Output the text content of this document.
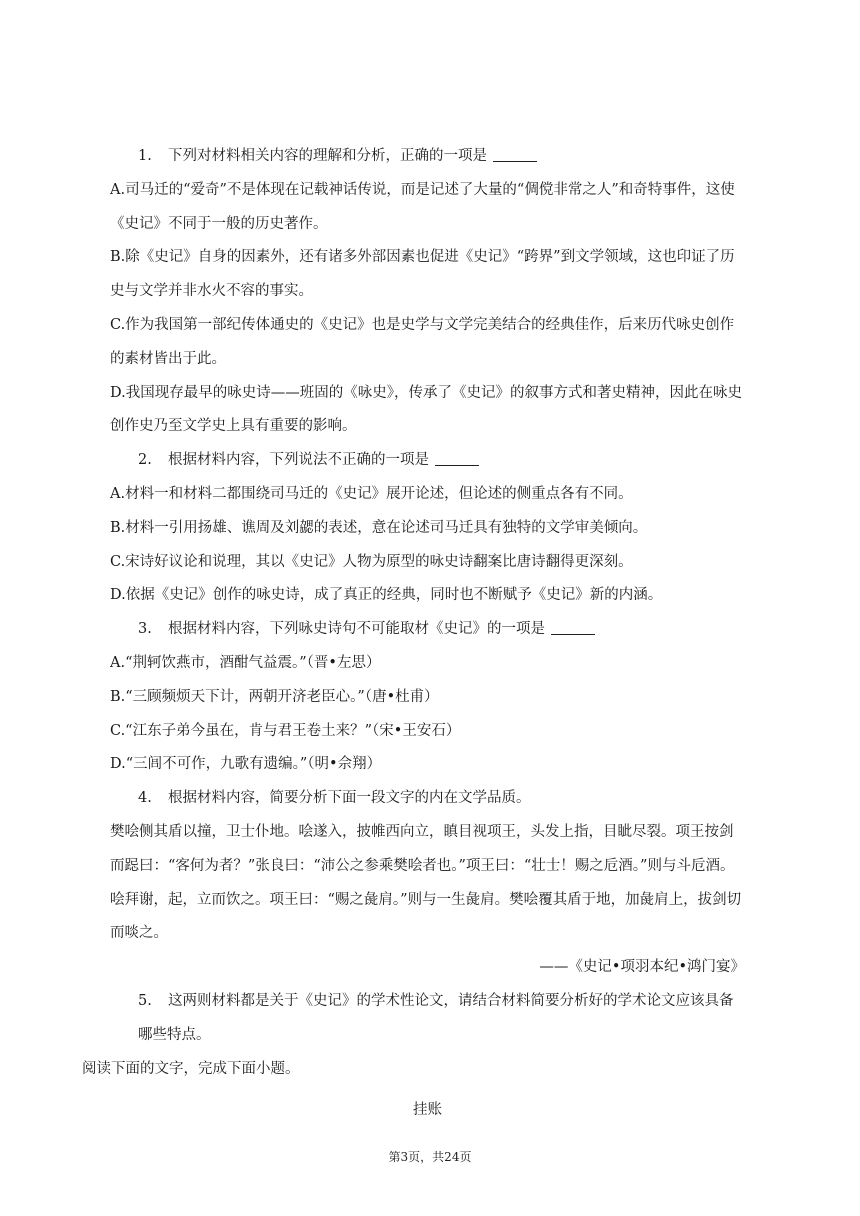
1. 下列对材料相关内容的理解和分析，正确的一项是

A.司马迁的“爱奇”不是体现在记载神话传说，而是记述了大量的“倜傥非常之人”和奇特事件，这使《史记》不同于一般的历史著作。

B.除《史记》自身的因素外，还有诸多外部因素也促进《史记》“跨界”到文学领域，这也印证了历史与文学并非水火不容的事实。

C.作为我国第一部纪传体通史的《史记》也是史学与文学完美结合的经典佳作，后来历代咏史创作的素材皆出于此。

D.我国现存最早的咏史诗——班固的《咏史》，传承了《史记》的叙事方式和著史精神，因此在咏史创作史乃至文学史上具有重要的影响。

2. 根据材料内容，下列说法不正确的一项是

A.材料一和材料二都围绕司马迁的《史记》展开论述，但论述的侧重点各有不同。

B.材料一引用扬雄、谯周及刘勰的表述，意在论述司马迁具有独特的文学审美倾向。

C.宋诗好议论和说理，其以《史记》人物为原型的咏史诗翻案比唐诗翻得更深刻。

D.依据《史记》创作的咏史诗，成了真正的经典，同时也不断赋予《史记》新的内涵。

3. 根据材料内容，下列咏史诗句不可能取材《史记》的一项是

A.“荆轲饮燕市，酒酣气益震。”（晋•左思）

B.“三顾频烦天下计，两朝开济老臣心。”（唐•杜甫）

C.“江东子弟今虽在，肯与君王卷土来？”（宋•王安石）

D.“三闾不可作，九歌有遗编。”（明•佘翔）

4. 根据材料内容，简要分析下面一段文字的内在文学品质。

樊哙侧其盾以撞，卫士仆地。哙遂入，披帷西向立，瞋目视项王，头发上指，目眦尽裂。项王按剑而跽曰：“客何为者？”张良曰：“沛公之参乘樊哙者也。”项王曰：“壮士！赐之卮酒。”则与斗卮酒。哙拜谢，起，立而饮之。项王曰：“赐之彘肩。”则与一生彘肩。樊哙覆其盾于地，加彘肩上，拔剑切而啖之。

——《史记•项羽本纪•鸿门宴》

5. 这两则材料都是关于《史记》的学术性论文，请结合材料简要分析好的学术论文应该具备哪些特点。

阅读下面的文字，完成下面小题。

挂账

第3页，共24页
